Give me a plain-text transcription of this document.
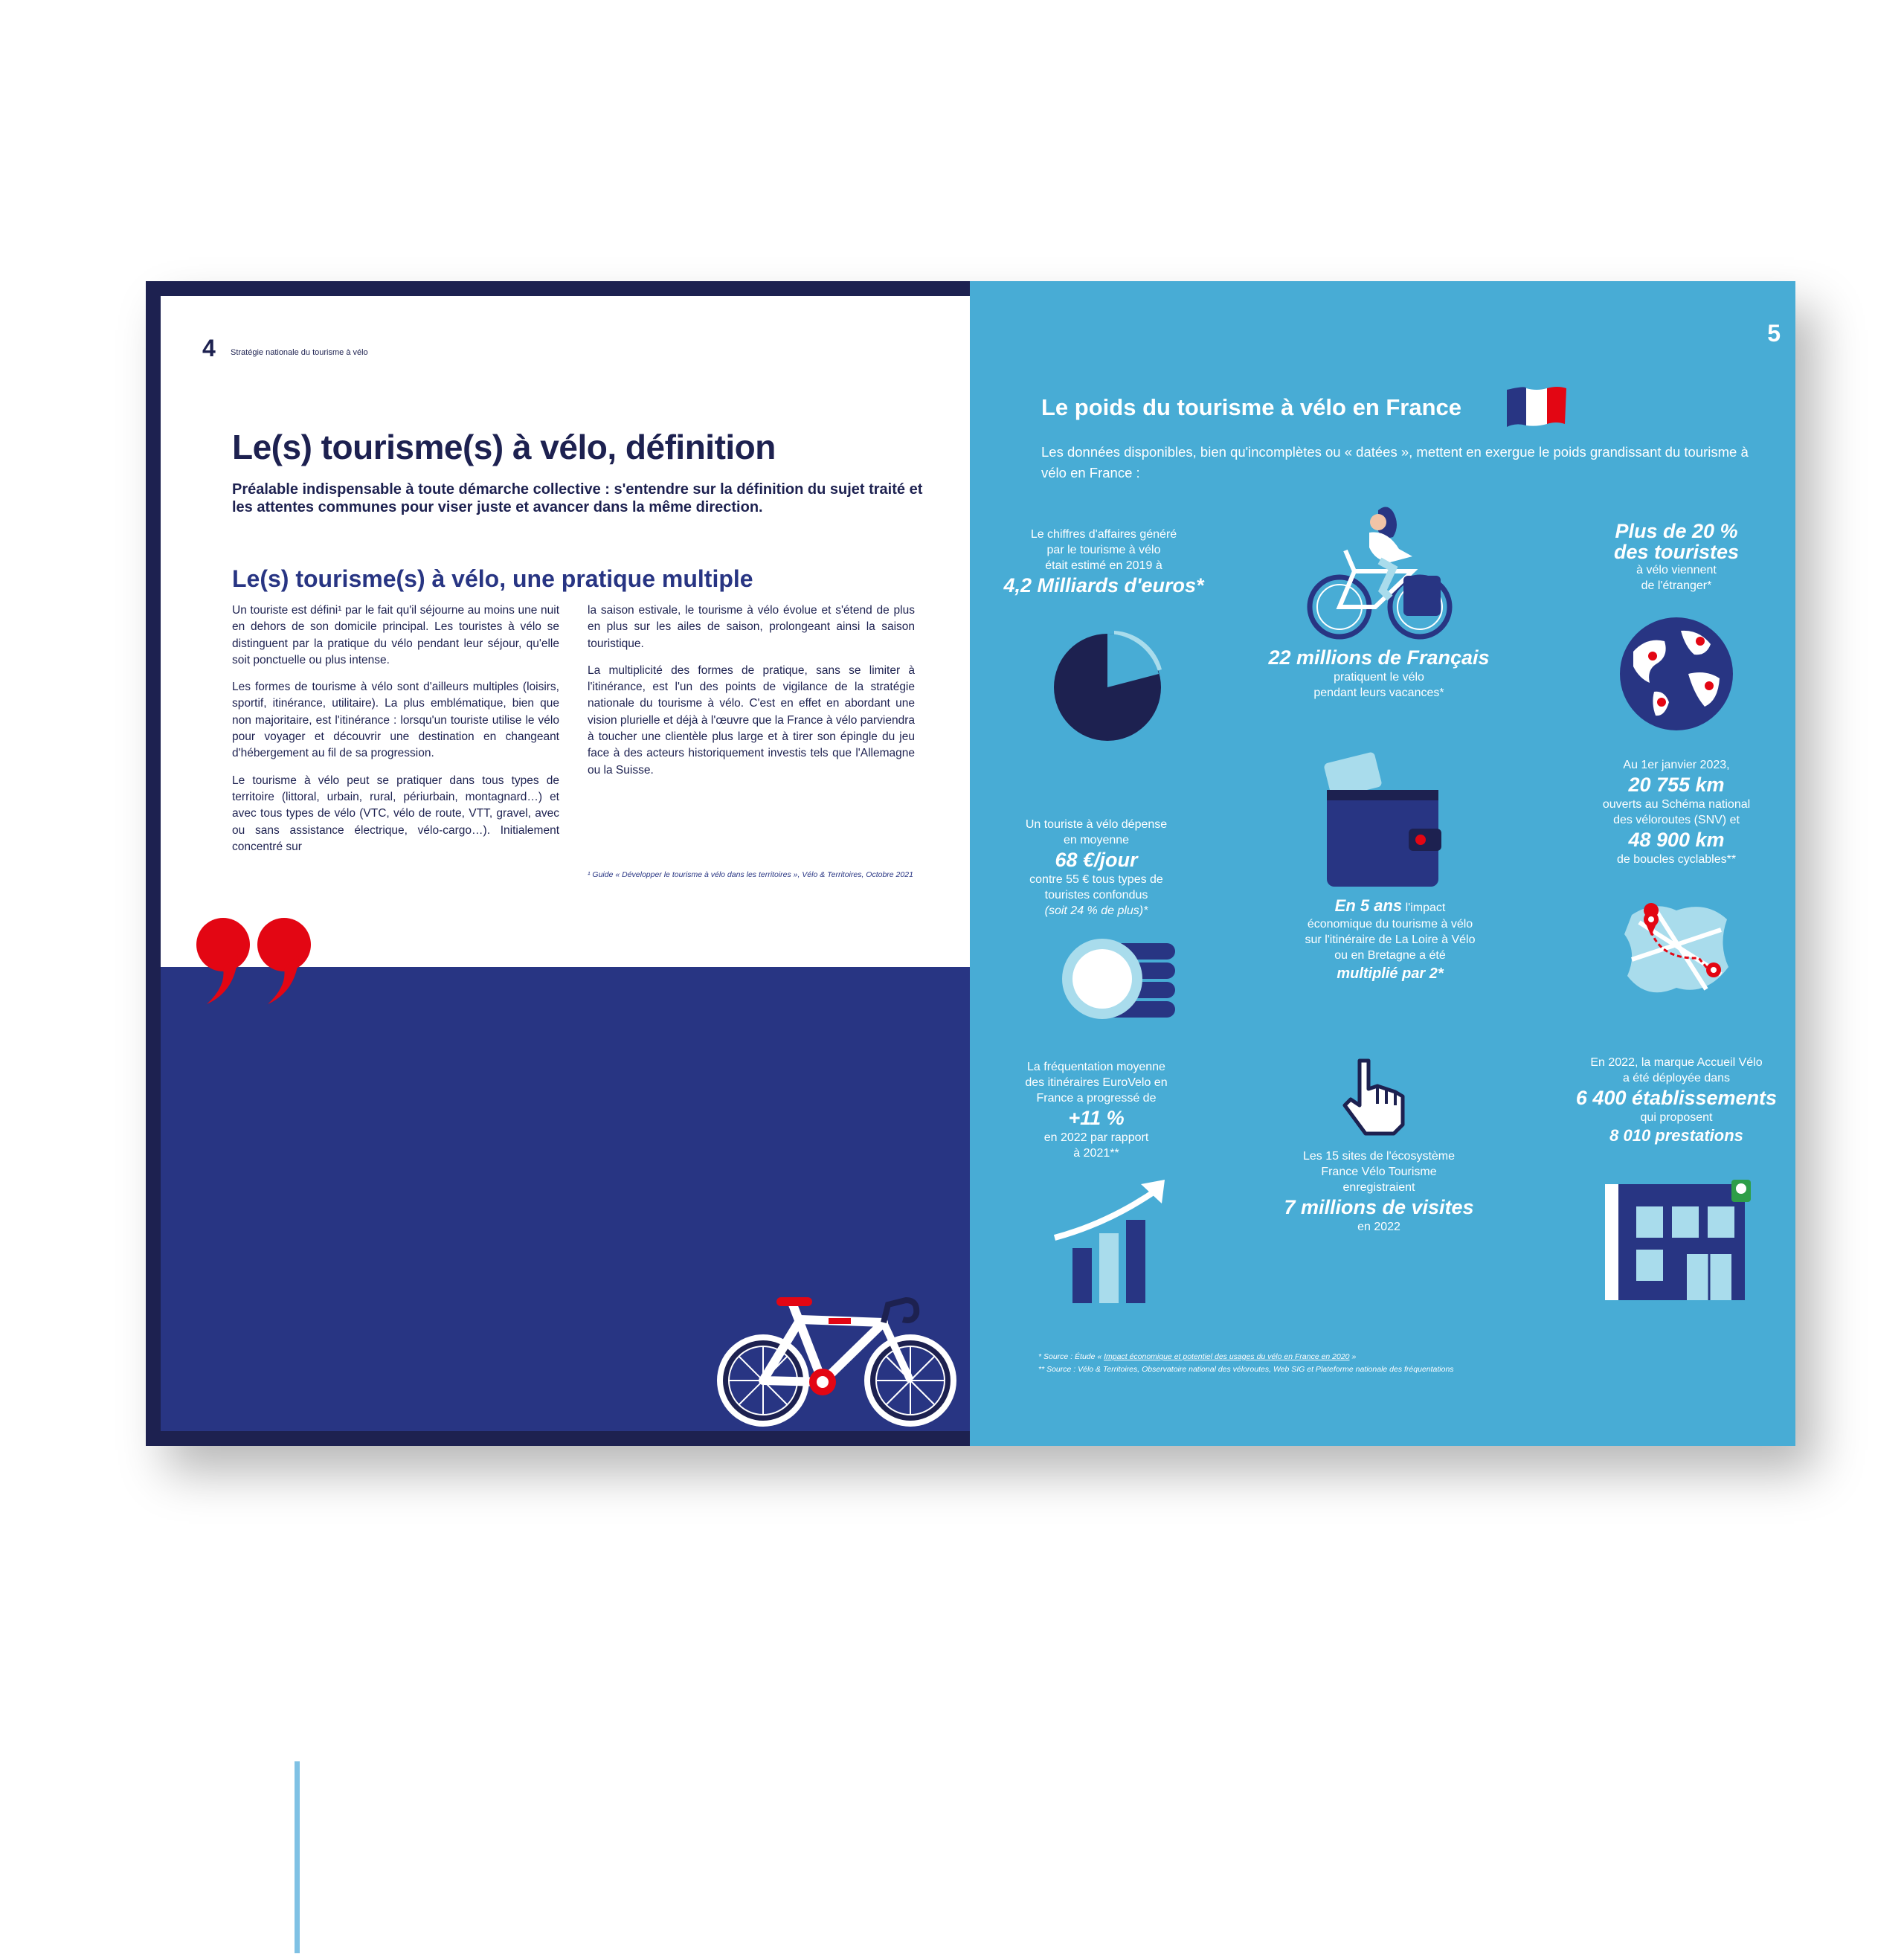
4 Stratégie nationale du tourisme à vélo
Le(s) tourisme(s) à vélo, définition
Préalable indispensable à toute démarche collective : s'entendre sur la définition du sujet traité et les attentes communes pour viser juste et avancer dans la même direction.
Le(s) tourisme(s) à vélo, une pratique multiple

Un touriste est défini¹ par le fait qu'il séjourne au moins une nuit en dehors de son domicile principal. Les touristes à vélo se distinguent par la pratique du vélo pendant leur séjour, qu'elle soit ponctuelle ou plus intense.

Les formes de tourisme à vélo sont d'ailleurs multiples (loisirs, sportif, itinérance, utilitaire). La plus emblématique, bien que non majoritaire, est l'itinérance : lorsqu'un touriste utilise le vélo pour voyager et découvrir une destination en changeant d'hébergement au fil de sa progression.

Le tourisme à vélo peut se pratiquer dans tous types de territoire (littoral, urbain, rural, périurbain, montagnard…) et avec tous types de vélo (VTC, vélo de route, VTT, gravel, avec ou sans assistance électrique, vélo-cargo…). Initialement concentré sur

la saison estivale, le tourisme à vélo évolue et s'étend de plus en plus sur les ailes de saison, prolongeant ainsi la saison touristique.

La multiplicité des formes de pratique, sans se limiter à l'itinérance, est l'un des points de vigilance de la stratégie nationale du tourisme à vélo. C'est en effet en abordant une vision plurielle et déjà à l'œuvre que la France à vélo parviendra à toucher une clientèle plus large et à tirer son épingle du jeu face à des acteurs historiquement investis tels que l'Allemagne ou la Suisse.

¹ Guide « Développer le tourisme à vélo dans les territoires », Vélo & Territoires, Octobre 2021
Le collectif a ainsi retenu comme " RAISON D'ÊTRE " le positionnement suivant :
" Faire du vélo un incontournable du tourisme de la destination France, reconnu auprès des opérateurs économiques, des acteurs publics et du grand public, accessible à tous, pour toutes les pratiques, offrant une expérience de qualité et de bien-être. L'intégrer dans une démarche d'économie de proximité, de tourisme durable, mesurable et profitable à tous les territoires. "
5
Le poids du tourisme à vélo en France
Les données disponibles, bien qu'incomplètes ou « datées », mettent en exergue le poids grandissant du tourisme à vélo en France :
Le chiffres d'affaires généré
par le tourisme à vélo
était estimé en 2019 à
4,2 Milliards d'euros*
22 millions de Français
pratiquent le vélo
pendant leurs vacances*
Plus de 20 %
des touristes
à vélo viennent
de l'étranger*
En 5 ans l'impact
économique du tourisme à vélo
sur l'itinéraire de La Loire à Vélo
ou en Bretagne a été
multiplié par 2*
Un touriste à vélo dépense
en moyenne
68 €/jour
contre 55 € tous types de
touristes confondus
(soit 24 % de plus)*
Au 1er janvier 2023,
20 755 km
ouverts au Schéma national
des véloroutes (SNV) et
48 900 km
de boucles cyclables**
La fréquentation moyenne
des itinéraires EuroVelo en
France a progressé de
+11 %
en 2022 par rapport
à 2021**	Les 15 sites de l'écosystème
France Vélo Tourisme
enregistraient
7 millions de visites
en 2022
En 2022, la marque Accueil Vélo
a été déployée dans
6 400 établissements
qui proposent
8 010 prestations
* Source : Étude « Impact économique et potentiel des usages du vélo en France en 2020 »
** Source : Vélo & Territoires, Observatoire national des véloroutes, Web SIG et Plateforme nationale des fréquentations
